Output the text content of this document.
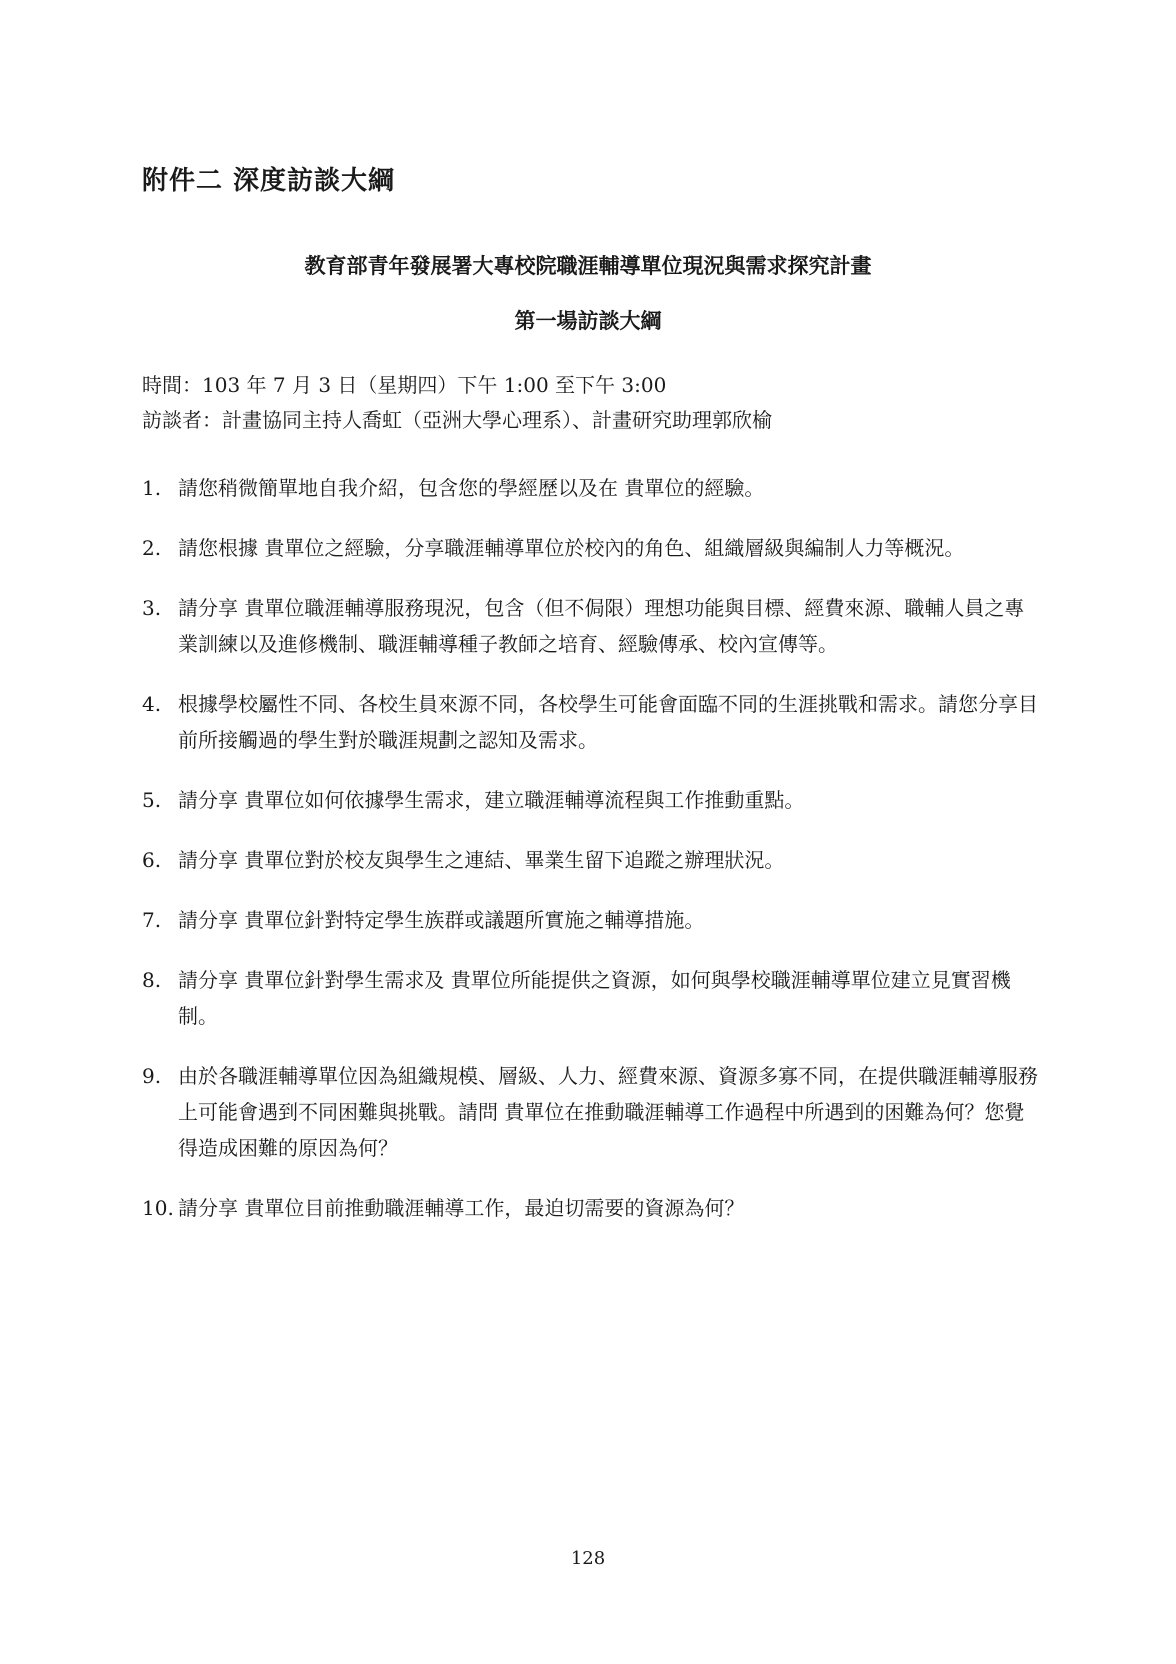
附件二 深度訪談大綱
教育部青年發展署大專校院職涯輔導單位現況與需求探究計畫
第一場訪談大綱
時間：103 年 7 月 3 日（星期四）下午 1:00 至下午 3:00
訪談者：計畫協同主持人喬虹（亞洲大學心理系）、計畫研究助理郭欣榆
1. 請您稍微簡單地自我介紹，包含您的學經歷以及在 貴單位的經驗。
2. 請您根據 貴單位之經驗，分享職涯輔導單位於校內的角色、組織層級與編制人力等概況。
3. 請分享 貴單位職涯輔導服務現況，包含（但不侷限）理想功能與目標、經費來源、職輔人員之專業訓練以及進修機制、職涯輔導種子教師之培育、經驗傳承、校內宣傳等。
4. 根據學校屬性不同、各校生員來源不同，各校學生可能會面臨不同的生涯挑戰和需求。請您分享目前所接觸過的學生對於職涯規劃之認知及需求。
5. 請分享 貴單位如何依據學生需求，建立職涯輔導流程與工作推動重點。
6. 請分享 貴單位對於校友與學生之連結、畢業生留下追蹤之辦理狀況。
7. 請分享 貴單位針對特定學生族群或議題所實施之輔導措施。
8. 請分享 貴單位針對學生需求及 貴單位所能提供之資源，如何與學校職涯輔導單位建立見實習機制。
9. 由於各職涯輔導單位因為組織規模、層級、人力、經費來源、資源多寡不同，在提供職涯輔導服務上可能會遇到不同困難與挑戰。請問 貴單位在推動職涯輔導工作過程中所遇到的困難為何？您覺得造成困難的原因為何？
10. 請分享 貴單位目前推動職涯輔導工作，最迫切需要的資源為何？
128
